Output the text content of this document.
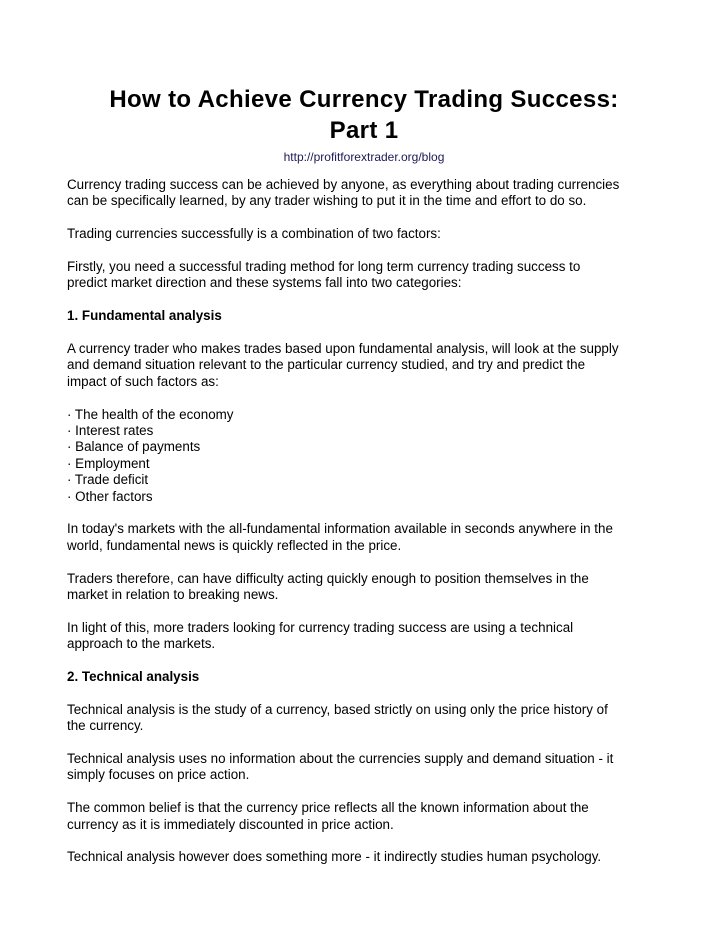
How to Achieve Currency Trading Success:
Part 1
http://profitforextrader.org/blog

Currency trading success can be achieved by anyone, as everything about trading currencies

can be specifically learned, by any trader wishing to put it in the time and effort to do so.

Trading currencies successfully is a combination of two factors:

Firstly, you need a successful trading method for long term currency trading success to

predict market direction and these systems fall into two categories:

1. Fundamental analysis

A currency trader who makes trades based upon fundamental analysis, will look at the supply

and demand situation relevant to the particular currency studied, and try and predict the

impact of such factors as:

· The health of the economy

· Interest rates

· Balance of payments

· Employment

· Trade deficit

· Other factors

In today's markets with the all-fundamental information available in seconds anywhere in the

world, fundamental news is quickly reflected in the price.

Traders therefore, can have difficulty acting quickly enough to position themselves in the

market in relation to breaking news.

In light of this, more traders looking for currency trading success are using a technical

approach to the markets.

2. Technical analysis

Technical analysis is the study of a currency, based strictly on using only the price history of

the currency.

Technical analysis uses no information about the currencies supply and demand situation - it

simply focuses on price action.

The common belief is that the currency price reflects all the known information about the

currency as it is immediately discounted in price action.

Technical analysis however does something more - it indirectly studies human psychology.
